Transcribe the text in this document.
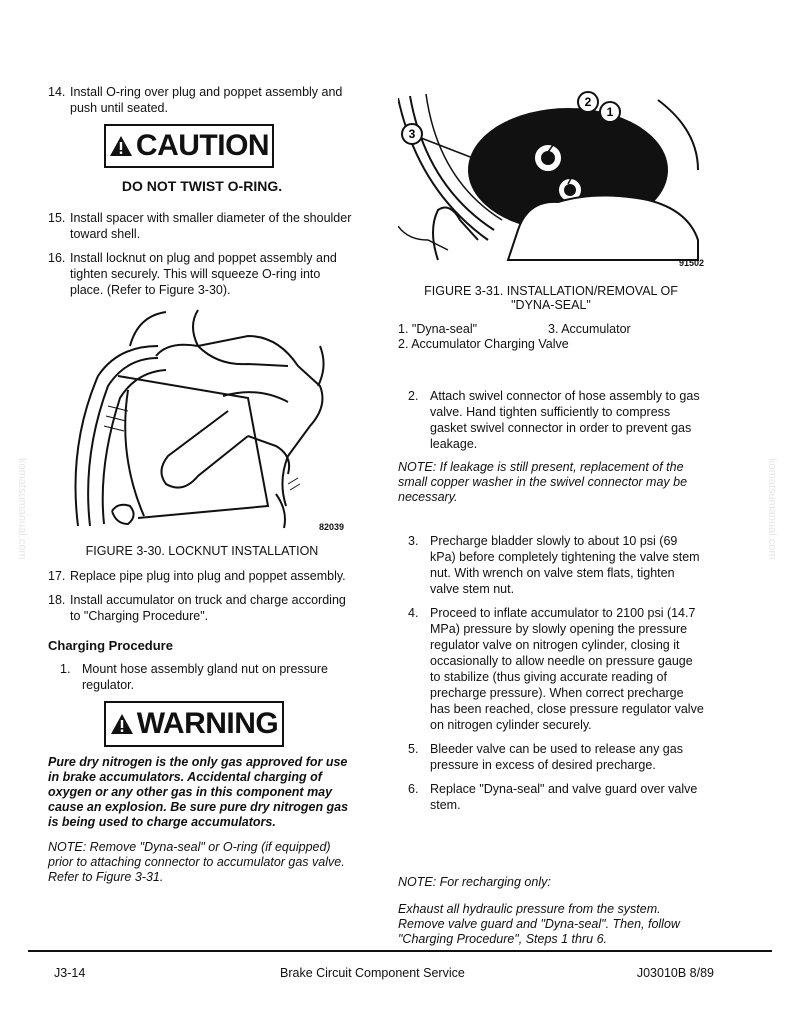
14. Install O-ring over plug and poppet assembly and push until seated.
CAUTION
DO NOT TWIST O-RING.
15. Install spacer with smaller diameter of the shoulder toward shell.
16. Install locknut on plug and poppet assembly and tighten securely. This will squeeze O-ring into place. (Refer to Figure 3-30).
82039
FIGURE 3-30. LOCKNUT INSTALLATION
17. Replace pipe plug into plug and poppet assembly.
18. Install accumulator on truck and charge according to "Charging Procedure".
Charging Procedure
1. Mount hose assembly gland nut on pressure regulator.
WARNING
Pure dry nitrogen is the only gas approved for use in brake accumulators. Accidental charging of oxygen or any other gas in this component may cause an explosion. Be sure pure dry nitrogen gas is being used to charge accumulators.
NOTE: Remove "Dyna-seal" or O-ring (if equipped) prior to attaching connector to accumulator gas valve. Refer to Figure 3-31.
2
1
3
91502
FIGURE 3-31. INSTALLATION/REMOVAL OF
"DYNA-SEAL"
1. "Dyna-seal"	3. Accumulator
2. Accumulator Charging Valve
2. Attach swivel connector of hose assembly to gas valve. Hand tighten sufficiently to compress gasket swivel connector in order to prevent gas leakage.
NOTE: If leakage is still present, replacement of the small copper washer in the swivel connector may be necessary.
3. Precharge bladder slowly to about 10 psi (69 kPa) before completely tightening the valve stem nut. With wrench on valve stem flats, tighten valve stem nut.
4. Proceed to inflate accumulator to 2100 psi (14.7 MPa) pressure by slowly opening the pressure regulator valve on nitrogen cylinder, closing it occasionally to allow needle on pressure gauge to stabilize (thus giving accurate reading of precharge pressure). When correct precharge has been reached, close pressure regulator valve on nitrogen cylinder securely.
5. Bleeder valve can be used to release any gas pressure in excess of desired precharge.
6. Replace "Dyna-seal" and valve guard over valve stem.
NOTE: For recharging only:
Exhaust all hydraulic pressure from the system. Remove valve guard and "Dyna-seal". Then, follow "Charging Procedure", Steps 1 thru 6.
komatsumanual.com	komatsumanual.com
J3-14	Brake Circuit Component Service	J03010B 8/89
